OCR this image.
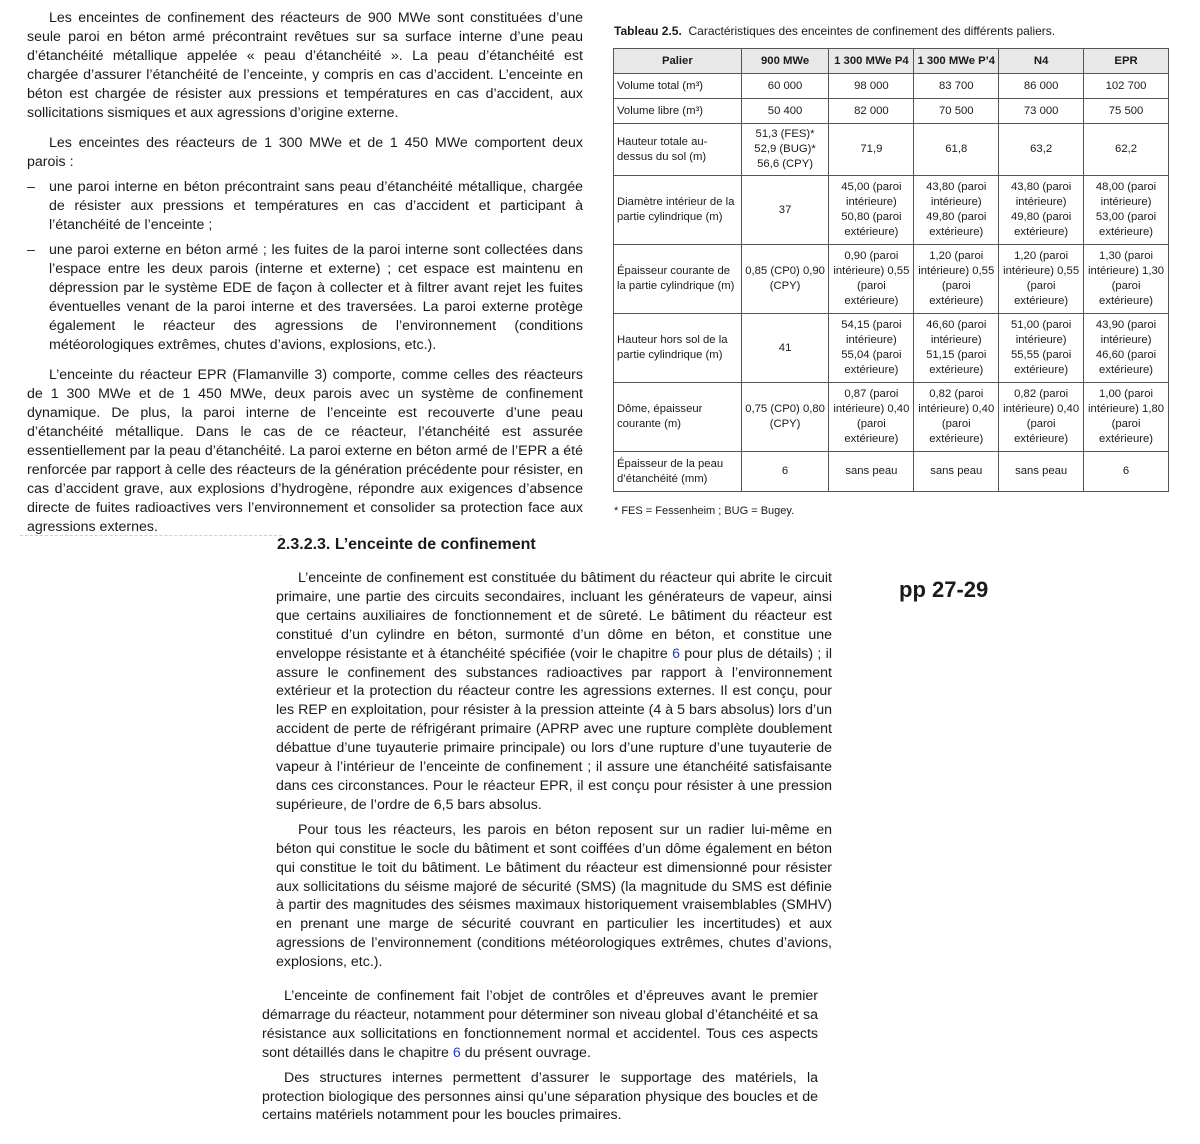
Les enceintes de confinement des réacteurs de 900 MWe sont constituées d’une seule paroi en béton armé précontraint revêtues sur sa surface interne d’une peau d’étanchéité métallique appelée « peau d’étanchéité ». La peau d’étanchéité est chargée d’assurer l’étanchéité de l’enceinte, y compris en cas d’accident. L’enceinte en béton est chargée de résister aux pressions et températures en cas d’accident, aux sollicitations sismiques et aux agressions d’origine externe.

Les enceintes des réacteurs de 1 300 MWe et de 1 450 MWe comportent deux parois :

– une paroi interne en béton précontraint sans peau d’étanchéité métallique, chargée de résister aux pressions et températures en cas d’accident et participant à l’étanchéité de l’enceinte ;

– une paroi externe en béton armé ; les fuites de la paroi interne sont collectées dans l’espace entre les deux parois (interne et externe) ; cet espace est maintenu en dépression par le système EDE de façon à collecter et à filtrer avant rejet les fuites éventuelles venant de la paroi interne et des traversées. La paroi externe protège également le réacteur des agressions de l’environnement (conditions météorologiques extrêmes, chutes d’avions, explosions, etc.).

L’enceinte du réacteur EPR (Flamanville 3) comporte, comme celles des réacteurs de 1 300 MWe et de 1 450 MWe, deux parois avec un système de confinement dynamique. De plus, la paroi interne de l’enceinte est recouverte d’une peau d’étanchéité métallique. Dans le cas de ce réacteur, l’étanchéité est assurée essentiellement par la peau d’étanchéité. La paroi externe en béton armé de l’EPR a été renforcée par rapport à celle des réacteurs de la génération précédente pour résister, en cas d’accident grave, aux explosions d’hydrogène, répondre aux exigences d’absence directe de fuites radioactives vers l’environnement et consolider sa protection face aux agressions externes.

Tableau 2.5. Caractéristiques des enceintes de confinement des différents paliers.
Palier	900 MWe	1 300 MWe P4	1 300 MWe P’4	N4	EPR
Volume total (m³)	60 000	98 000	83 700	86 000	102 700
Volume libre (m³)	50 400	82 000	70 500	73 000	75 500
Hauteur totale au-dessus du sol (m)	51,3 (FES)* 52,9 (BUG)* 56,6 (CPY)	71,9	61,8	63,2	62,2
Diamètre intérieur de la partie cylindrique (m)	37	45,00 (paroi intérieure) 50,80 (paroi extérieure)	43,80 (paroi intérieure) 49,80 (paroi extérieure)	43,80 (paroi intérieure) 49,80 (paroi extérieure)	48,00 (paroi intérieure) 53,00 (paroi extérieure)
Épaisseur courante de la partie cylindrique (m)	0,85 (CP0) 0,90 (CPY)	0,90 (paroi intérieure) 0,55 (paroi extérieure)	1,20 (paroi intérieure) 0,55 (paroi extérieure)	1,20 (paroi intérieure) 0,55 (paroi extérieure)	1,30 (paroi intérieure) 1,30 (paroi extérieure)
Hauteur hors sol de la partie cylindrique (m)	41	54,15 (paroi intérieure) 55,04 (paroi extérieure)	46,60 (paroi intérieure) 51,15 (paroi extérieure)	51,00 (paroi intérieure) 55,55 (paroi extérieure)	43,90 (paroi intérieure) 46,60 (paroi extérieure)
Dôme, épaisseur courante (m)	0,75 (CP0) 0,80 (CPY)	0,87 (paroi intérieure) 0,40 (paroi extérieure)	0,82 (paroi intérieure) 0,40 (paroi extérieure)	0,82 (paroi intérieure) 0,40 (paroi extérieure)	1,00 (paroi intérieure) 1,80 (paroi extérieure)
Épaisseur de la peau d’étanchéité (mm)	6	sans peau	sans peau	sans peau	6
* FES = Fessenheim ; BUG = Bugey.
2.3.2.3. L’enceinte de confinement
pp 27-29

L’enceinte de confinement est constituée du bâtiment du réacteur qui abrite le circuit primaire, une partie des circuits secondaires, incluant les générateurs de vapeur, ainsi que certains auxiliaires de fonctionnement et de sûreté. Le bâtiment du réacteur est constitué d’un cylindre en béton, surmonté d’un dôme en béton, et constitue une enveloppe résistante et à étanchéité spécifiée (voir le chapitre 6 pour plus de détails) ; il assure le confinement des substances radioactives par rapport à l’environnement extérieur et la protection du réacteur contre les agressions externes. Il est conçu, pour les REP en exploitation, pour résister à la pression atteinte (4 à 5 bars absolus) lors d’un accident de perte de réfrigérant primaire (APRP avec une rupture complète doublement débattue d’une tuyauterie primaire principale) ou lors d’une rupture d’une tuyauterie de vapeur à l’intérieur de l’enceinte de confinement ; il assure une étanchéité satisfaisante dans ces circonstances. Pour le réacteur EPR, il est conçu pour résister à une pression supérieure, de l’ordre de 6,5 bars absolus.

Pour tous les réacteurs, les parois en béton reposent sur un radier lui-même en béton qui constitue le socle du bâtiment et sont coiffées d’un dôme également en béton qui constitue le toit du bâtiment. Le bâtiment du réacteur est dimensionné pour résister aux sollicitations du séisme majoré de sécurité (SMS) (la magnitude du SMS est définie à partir des magnitudes des séismes maximaux historiquement vraisemblables (SMHV) en prenant une marge de sécurité couvrant en particulier les incertitudes) et aux agressions de l’environnement (conditions météorologiques extrêmes, chutes d’avions, explosions, etc.).

L’enceinte de confinement fait l’objet de contrôles et d’épreuves avant le premier démarrage du réacteur, notamment pour déterminer son niveau global d’étanchéité et sa résistance aux sollicitations en fonctionnement normal et accidentel. Tous ces aspects sont détaillés dans le chapitre 6 du présent ouvrage.

Des structures internes permettent d’assurer le supportage des matériels, la protection biologique des personnes ainsi qu’une séparation physique des boucles et de certains matériels notamment pour les boucles primaires.
